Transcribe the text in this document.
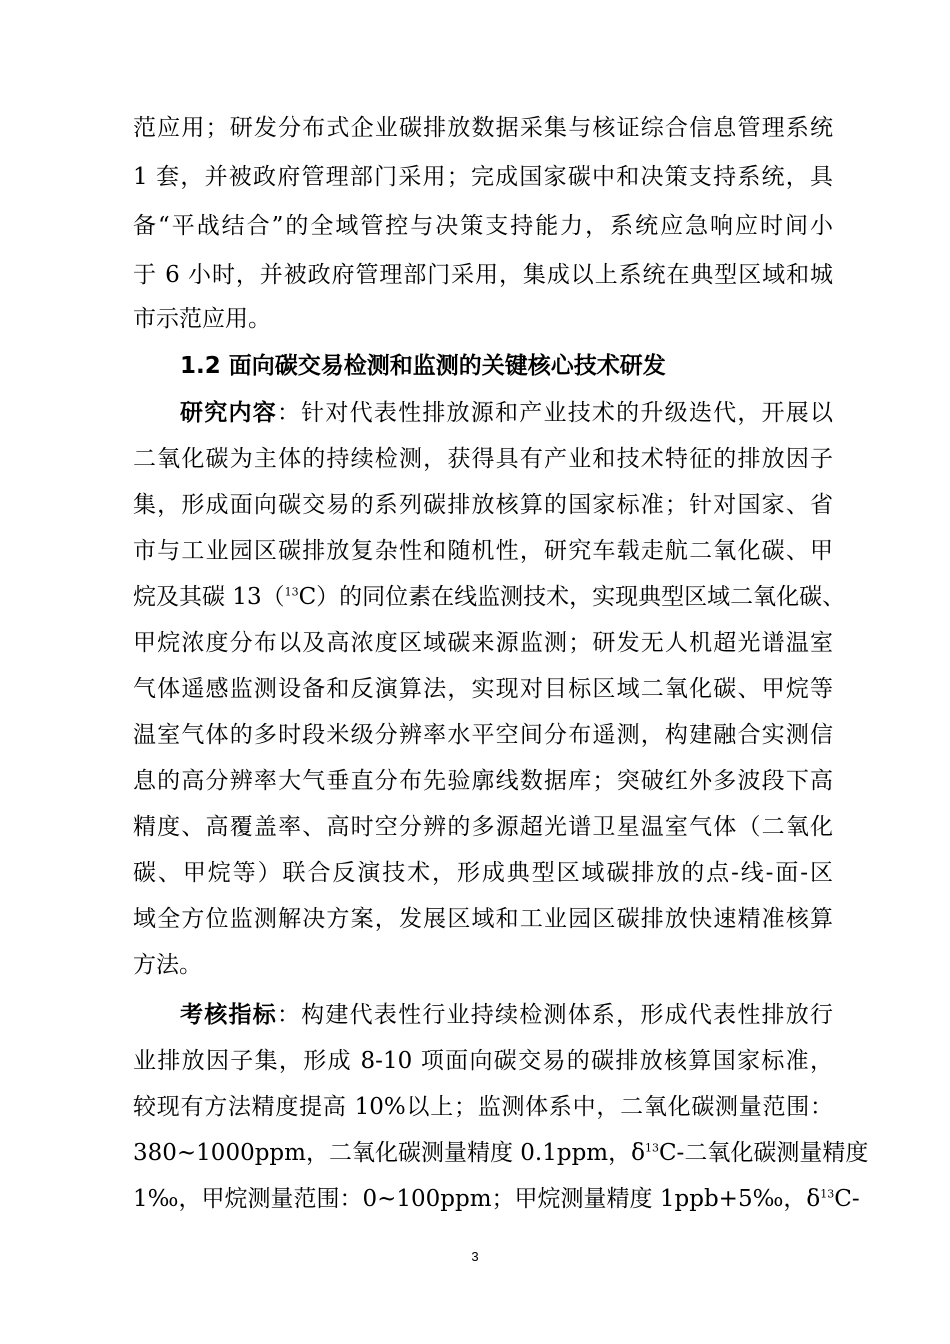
范应用；研发分布式企业碳排放数据采集与核证综合信息管理系统
1 套，并被政府管理部门采用；完成国家碳中和决策支持系统，具
备“平战结合”的全域管控与决策支持能力，系统应急响应时间小
于 6 小时，并被政府管理部门采用，集成以上系统在典型区域和城
市示范应用。
1.2 面向碳交易检测和监测的关键核心技术研发
研究内容：针对代表性排放源和产业技术的升级迭代，开展以
二氧化碳为主体的持续检测，获得具有产业和技术特征的排放因子
集，形成面向碳交易的系列碳排放核算的国家标准；针对国家、省
市与工业园区碳排放复杂性和随机性，研究车载走航二氧化碳、甲
烷及其碳 13（$^{13}$C）的同位素在线监测技术，实现典型区域二氧化碳、
甲烷浓度分布以及高浓度区域碳来源监测；研发无人机超光谱温室
气体遥感监测设备和反演算法，实现对目标区域二氧化碳、甲烷等
温室气体的多时段米级分辨率水平空间分布遥测，构建融合实测信
息的高分辨率大气垂直分布先验廓线数据库；突破红外多波段下高
精度、高覆盖率、高时空分辨的多源超光谱卫星温室气体（二氧化
碳、甲烷等）联合反演技术，形成典型区域碳排放的点-线-面-区
域全方位监测解决方案，发展区域和工业园区碳排放快速精准核算
方法。
考核指标：构建代表性行业持续检测体系，形成代表性排放行
业排放因子集，形成 8-10 项面向碳交易的碳排放核算国家标准，
较现有方法精度提高 10%以上；监测体系中，二氧化碳测量范围：
380~1000ppm，二氧化碳测量精度 0.1ppm，$\delta^{13}C-$二氧化碳测量精度
1‰，甲烷测量范围：0~100ppm；甲烷测量精度 1ppb+5‰，$\delta^{13}C-$
3
